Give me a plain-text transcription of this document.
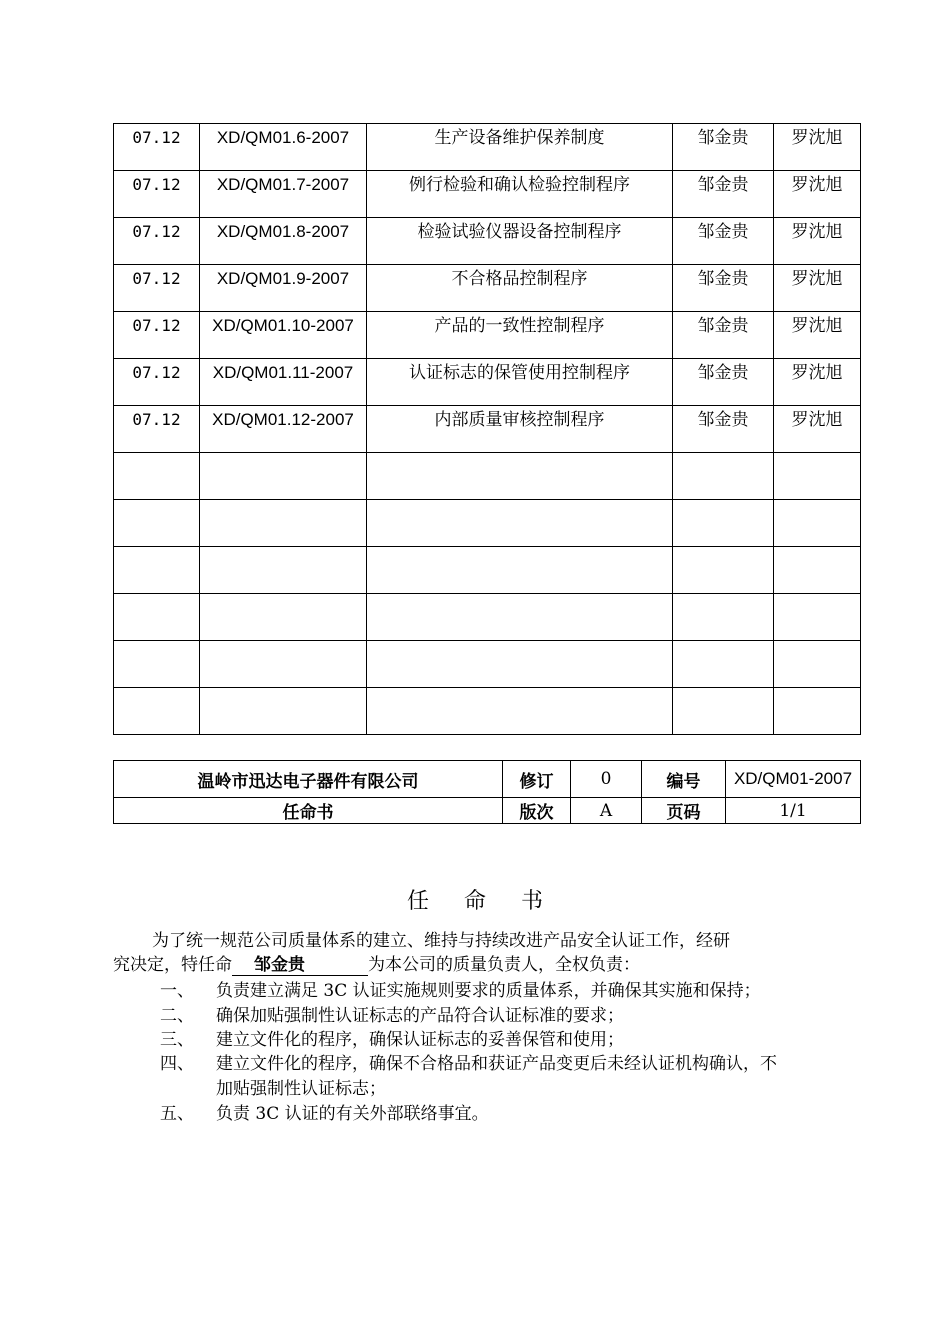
07.12	XD/QM01.6-2007	生产设备维护保养制度	邹金贵	罗沈旭
07.12	XD/QM01.7-2007	例行检验和确认检验控制程序	邹金贵	罗沈旭
07.12	XD/QM01.8-2007	检验试验仪器设备控制程序	邹金贵	罗沈旭
07.12	XD/QM01.9-2007	不合格品控制程序	邹金贵	罗沈旭
07.12	XD/QM01.10-2007	产品的一致性控制程序	邹金贵	罗沈旭
07.12	XD/QM01.11-2007	认证标志的保管使用控制程序	邹金贵	罗沈旭
07.12	XD/QM01.12-2007	内部质量审核控制程序	邹金贵	罗沈旭

温岭市迅达电子器件有限公司	修订	0	编号	XD/QM01-2007
任命书	版次	A	页码	1/1
任 命 书
为了统一规范公司质量体系的建立、维持与持续改进产品安全认证工作，经研
究决定，特任命 邹金贵	为本公司的质量负责人，全权负责：
一、 负责建立满足 3C 认证实施规则要求的质量体系，并确保其实施和保持；
二、 确保加贴强制性认证标志的产品符合认证标准的要求；
三、 建立文件化的程序，确保认证标志的妥善保管和使用；
四、 建立文件化的程序，确保不合格品和获证产品变更后未经认证机构确认，不
加贴强制性认证标志；
五、 负责 3C 认证的有关外部联络事宜。
